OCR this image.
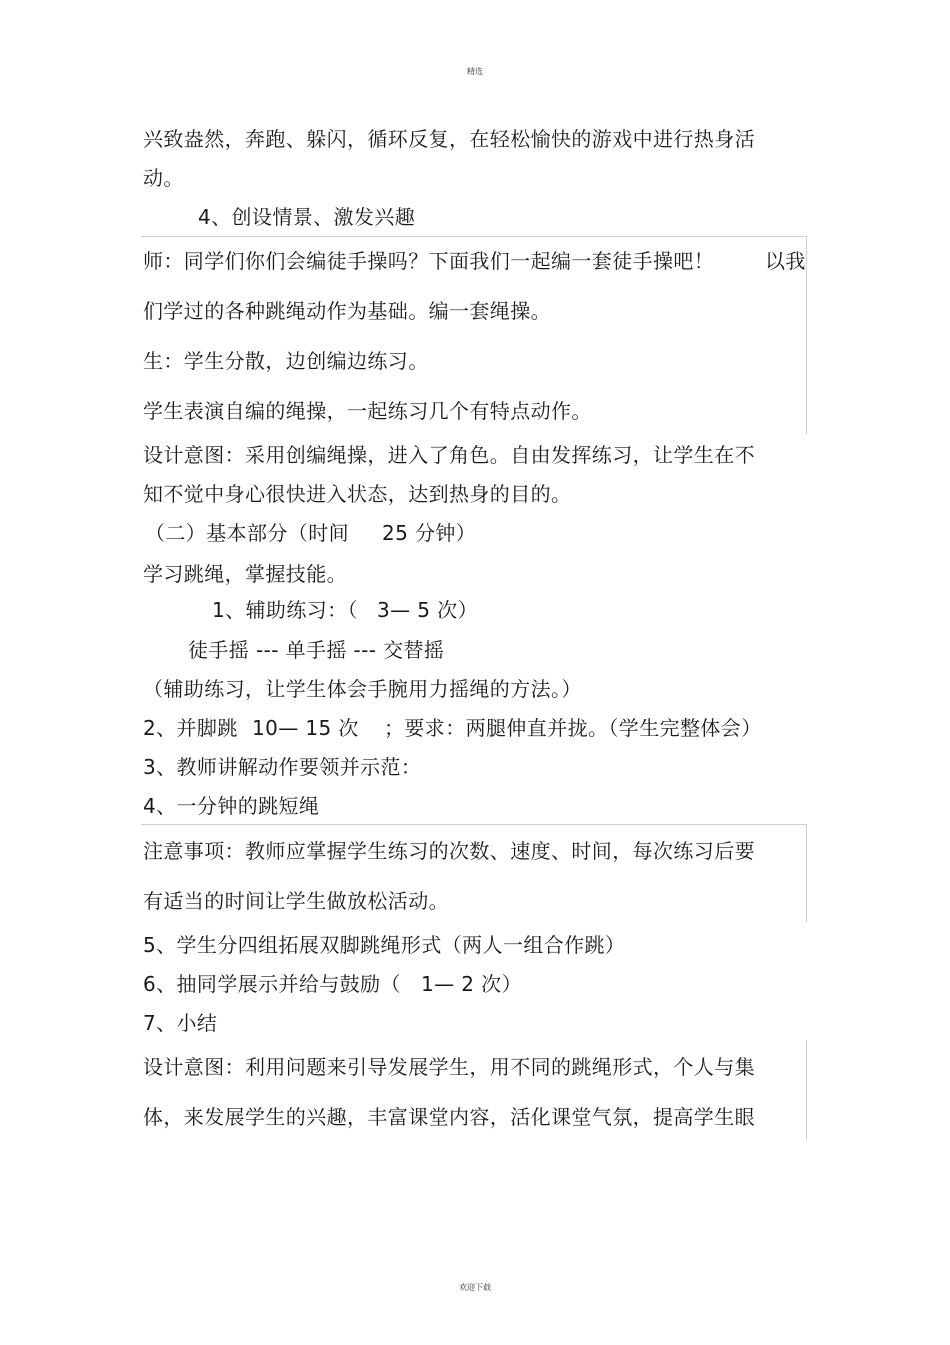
精选
兴致盎然，奔跑、躲闪，循环反复，在轻松愉快的游戏中进行热身活
动。
4、创设情景、激发兴趣
师：同学们你们会编徒手操吗？下面我们一起编一套徒手操吧！	以我
们学过的各种跳绳动作为基础。编一套绳操。
生：学生分散，边创编边练习。
学生表演自编的绳操，一起练习几个有特点动作。
设计意图：采用创编绳操，进入了角色。自由发挥练习，让学生在不
知不觉中身心很快进入状态，达到热身的目的。
（二）基本部分（时间 25 分钟）
学习跳绳，掌握技能。
1、辅助练习：（ 3— 5 次）
徒手摇 --- 单手摇 --- 交替摇
（辅助练习，让学生体会手腕用力摇绳的方法。）
2、并脚跳 10— 15 次 ；要求：两腿伸直并拢。（学生完整体会）
3、教师讲解动作要领并示范：
4、一分钟的跳短绳
注意事项：教师应掌握学生练习的次数、速度、时间，每次练习后要
有适当的时间让学生做放松活动。
5、学生分四组拓展双脚跳绳形式（两人一组合作跳）
6、抽同学展示并给与鼓励（ 1— 2 次）
7、小结
设计意图：利用问题来引导发展学生，用不同的跳绳形式，个人与集
体，来发展学生的兴趣，丰富课堂内容，活化课堂气氛，提高学生眼
欢迎下载
